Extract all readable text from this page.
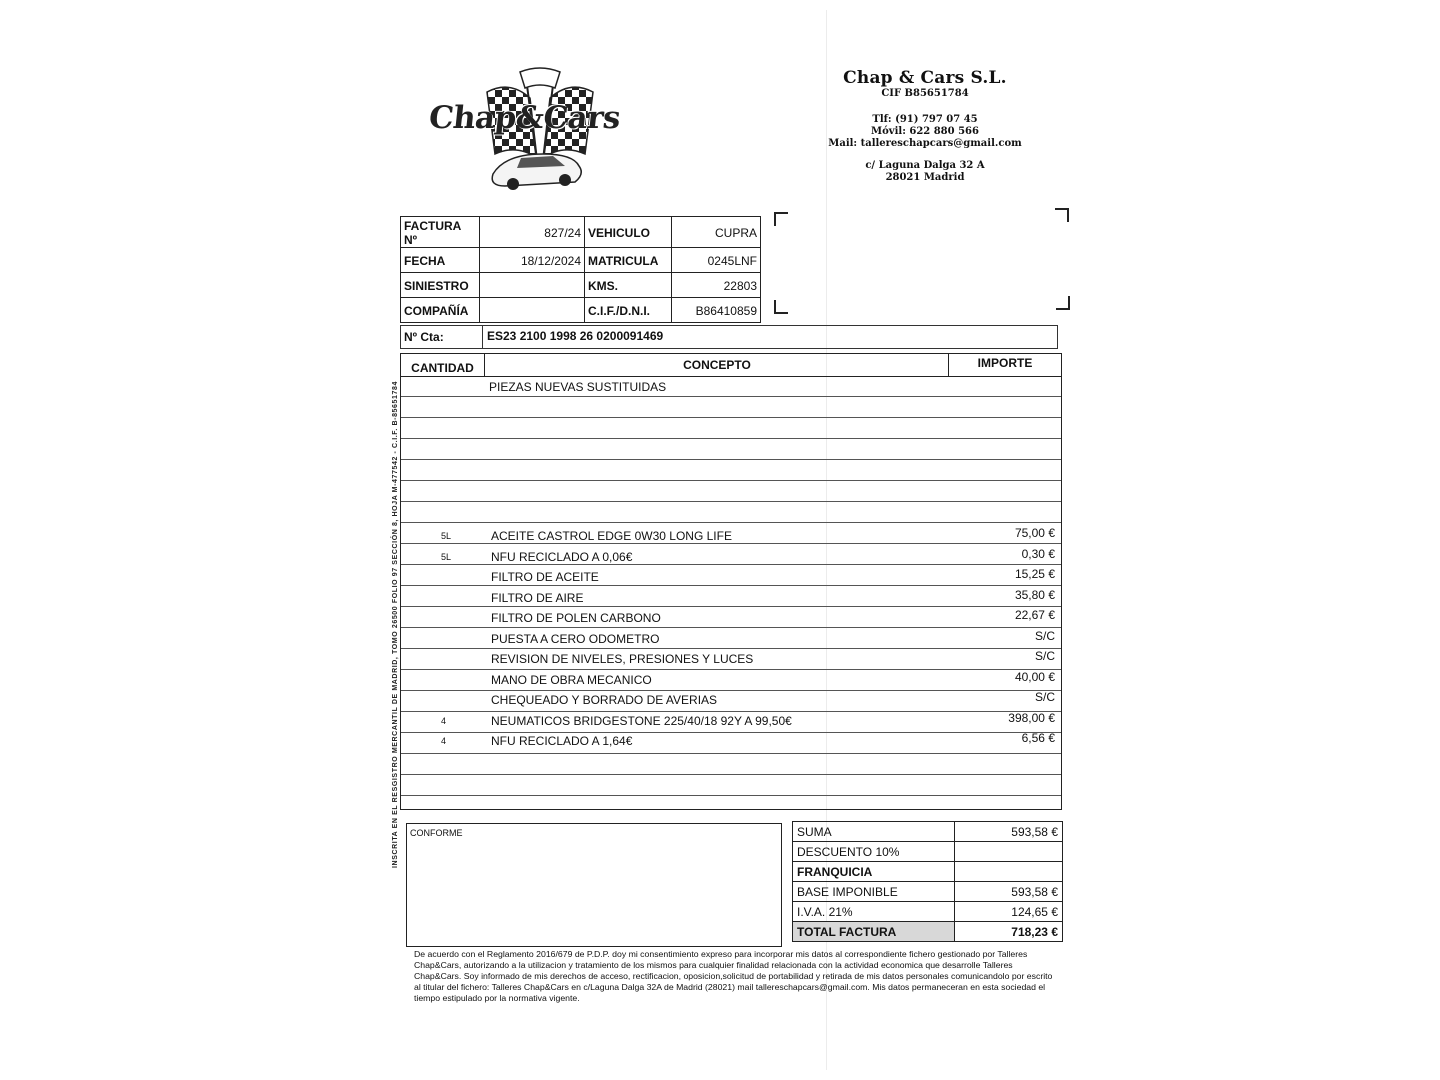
Chap&Cars
Chap & Cars S.L.
CIF B85651784
Tlf: (91) 797 07 45
Móvil: 622 880 566
Mail: tallereschapcars@gmail.com
c/ Laguna Dalga 32 A
28021 Madrid
FACTURA Nº	827/24	VEHICULO	CUPRA
FECHA	18/12/2024	MATRICULA	0245LNF
SINIESTRO		KMS.	22803
COMPAÑÍA		C.I.F./D.N.I.	B86410859
Nº Cta:	ES23 2100 1998 26 0200091469
CANTIDAD	CONCEPTO	IMPORTE
PIEZAS NUEVAS SUSTITUIDAS
5L	ACEITE CASTROL EDGE 0W30 LONG LIFE	75,00 €
5L	NFU RECICLADO A 0,06€	0,30 €
FILTRO DE ACEITE	15,25 €
FILTRO DE AIRE	35,80 €
FILTRO DE POLEN CARBONO	22,67 €
PUESTA A CERO ODOMETRO	S/C
REVISION DE NIVELES, PRESIONES Y LUCES	S/C
MANO DE OBRA MECANICO	40,00 €
CHEQUEADO Y BORRADO DE AVERIAS	S/C
4	NEUMATICOS BRIDGESTONE 225/40/18 92Y A 99,50€	398,00 €
4	NFU RECICLADO A 1,64€	6,56 €
INSCRITA EN EL RESGISTRO MERCANTIL DE MADRID, TOMO 26500 FOLIO 97 SECCIÓN 8, HOJA M-477542 - C.I.F. B-85651784 CONFORME	SUMA	593,58 €
DESCUENTO 10%	
FRANQUICIA	
BASE IMPONIBLE	593,58 €
I.V.A. 21%	124,65 €
TOTAL FACTURA	718,23 €
De acuerdo con el Reglamento 2016/679 de P.D.P. doy mi consentimiento expreso para incorporar mis datos al correspondiente fichero gestionado por Talleres Chap&Cars, autorizando a la utilizacion y tratamiento de los mismos para cualquier finalidad relacionada con la actividad economica que desarrolle Talleres Chap&Cars. Soy informado de mis derechos de acceso, rectificacion, oposicion,solicitud de portabilidad y retirada de mis datos personales comunicandolo por escrito al titular del fichero: Talleres Chap&Cars en c/Laguna Dalga 32A de Madrid (28021) mail tallereschapcars@gmail.com. Mis datos permaneceran en esta sociedad el tiempo estipulado por la normativa vigente.
